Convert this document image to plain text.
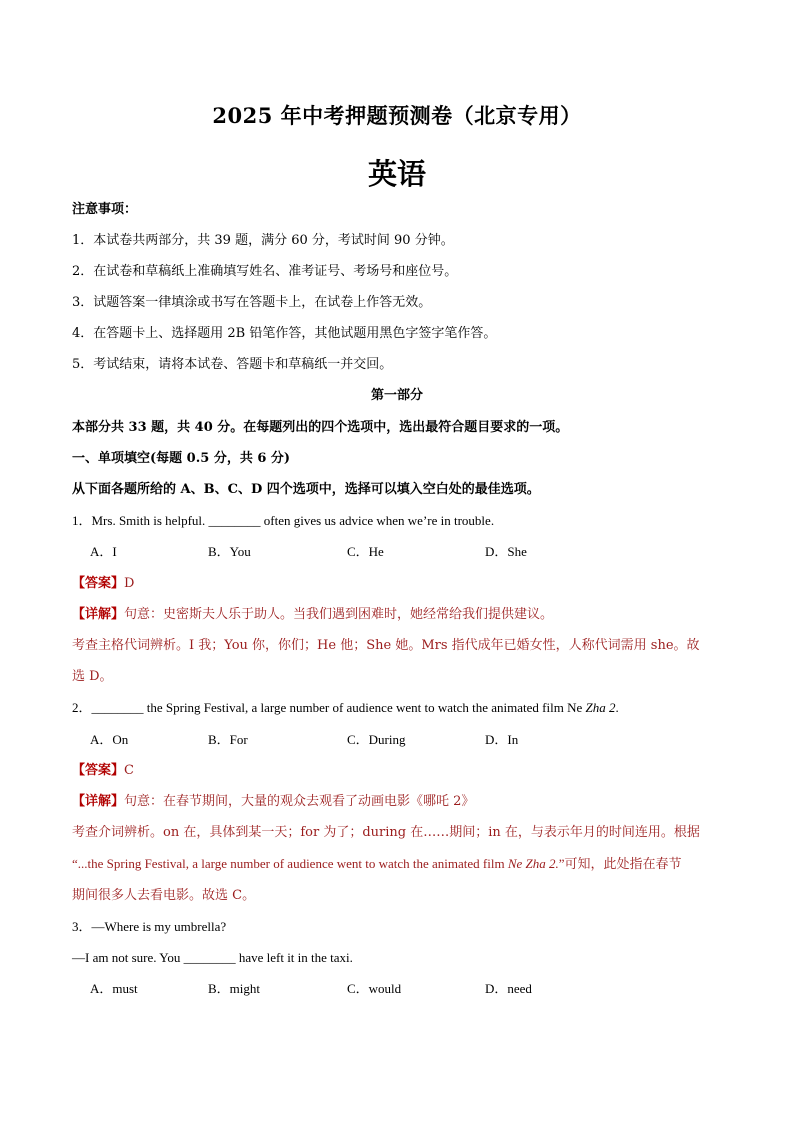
2025 年中考押题预测卷（北京专用）
英语
注意事项：
1．本试卷共两部分，共 39 题，满分 60 分，考试时间 90 分钟。
2．在试卷和草稿纸上准确填写姓名、准考证号、考场号和座位号。
3．试题答案一律填涂或书写在答题卡上，在试卷上作答无效。
4．在答题卡上、选择题用 2B 铅笔作答，其他试题用黑色字签字笔作答。
5．考试结束，请将本试卷、答题卡和草稿纸一并交回。
第一部分
本部分共 33 题，共 40 分。在每题列出的四个选项中，选出最符合题目要求的一项。
一、单项填空(每题 0.5 分，共 6 分)
从下面各题所给的 A、B、C、D 四个选项中，选择可以填入空白处的最佳选项。
1．Mrs. Smith is helpful. ________ often gives us advice when we’re in trouble.
A．I	B．You	C．He	D．She
【答案】D
【详解】句意：史密斯夫人乐于助人。当我们遇到困难时，她经常给我们提供建议。
考查主格代词辨析。I 我；You 你，你们；He 他；She 她。Mrs 指代成年已婚女性，人称代词需用 she。故
选 D。
2．________ the Spring Festival, a large number of audience went to watch the animated film Ne Zha 2.
A．On	B．For	C．During	D．In
【答案】C
【详解】句意：在春节期间，大量的观众去观看了动画电影《哪吒 2》
考查介词辨析。on 在，具体到某一天；for 为了；during 在……期间；in 在，与表示年月的时间连用。根据
“...the Spring Festival, a large number of audience went to watch the animated film Ne Zha 2.”可知，此处指在春节
期间很多人去看电影。故选 C。
3．—Where is my umbrella?
—I am not sure. You ________ have left it in the taxi.
A．must	B．might	C．would	D．need
